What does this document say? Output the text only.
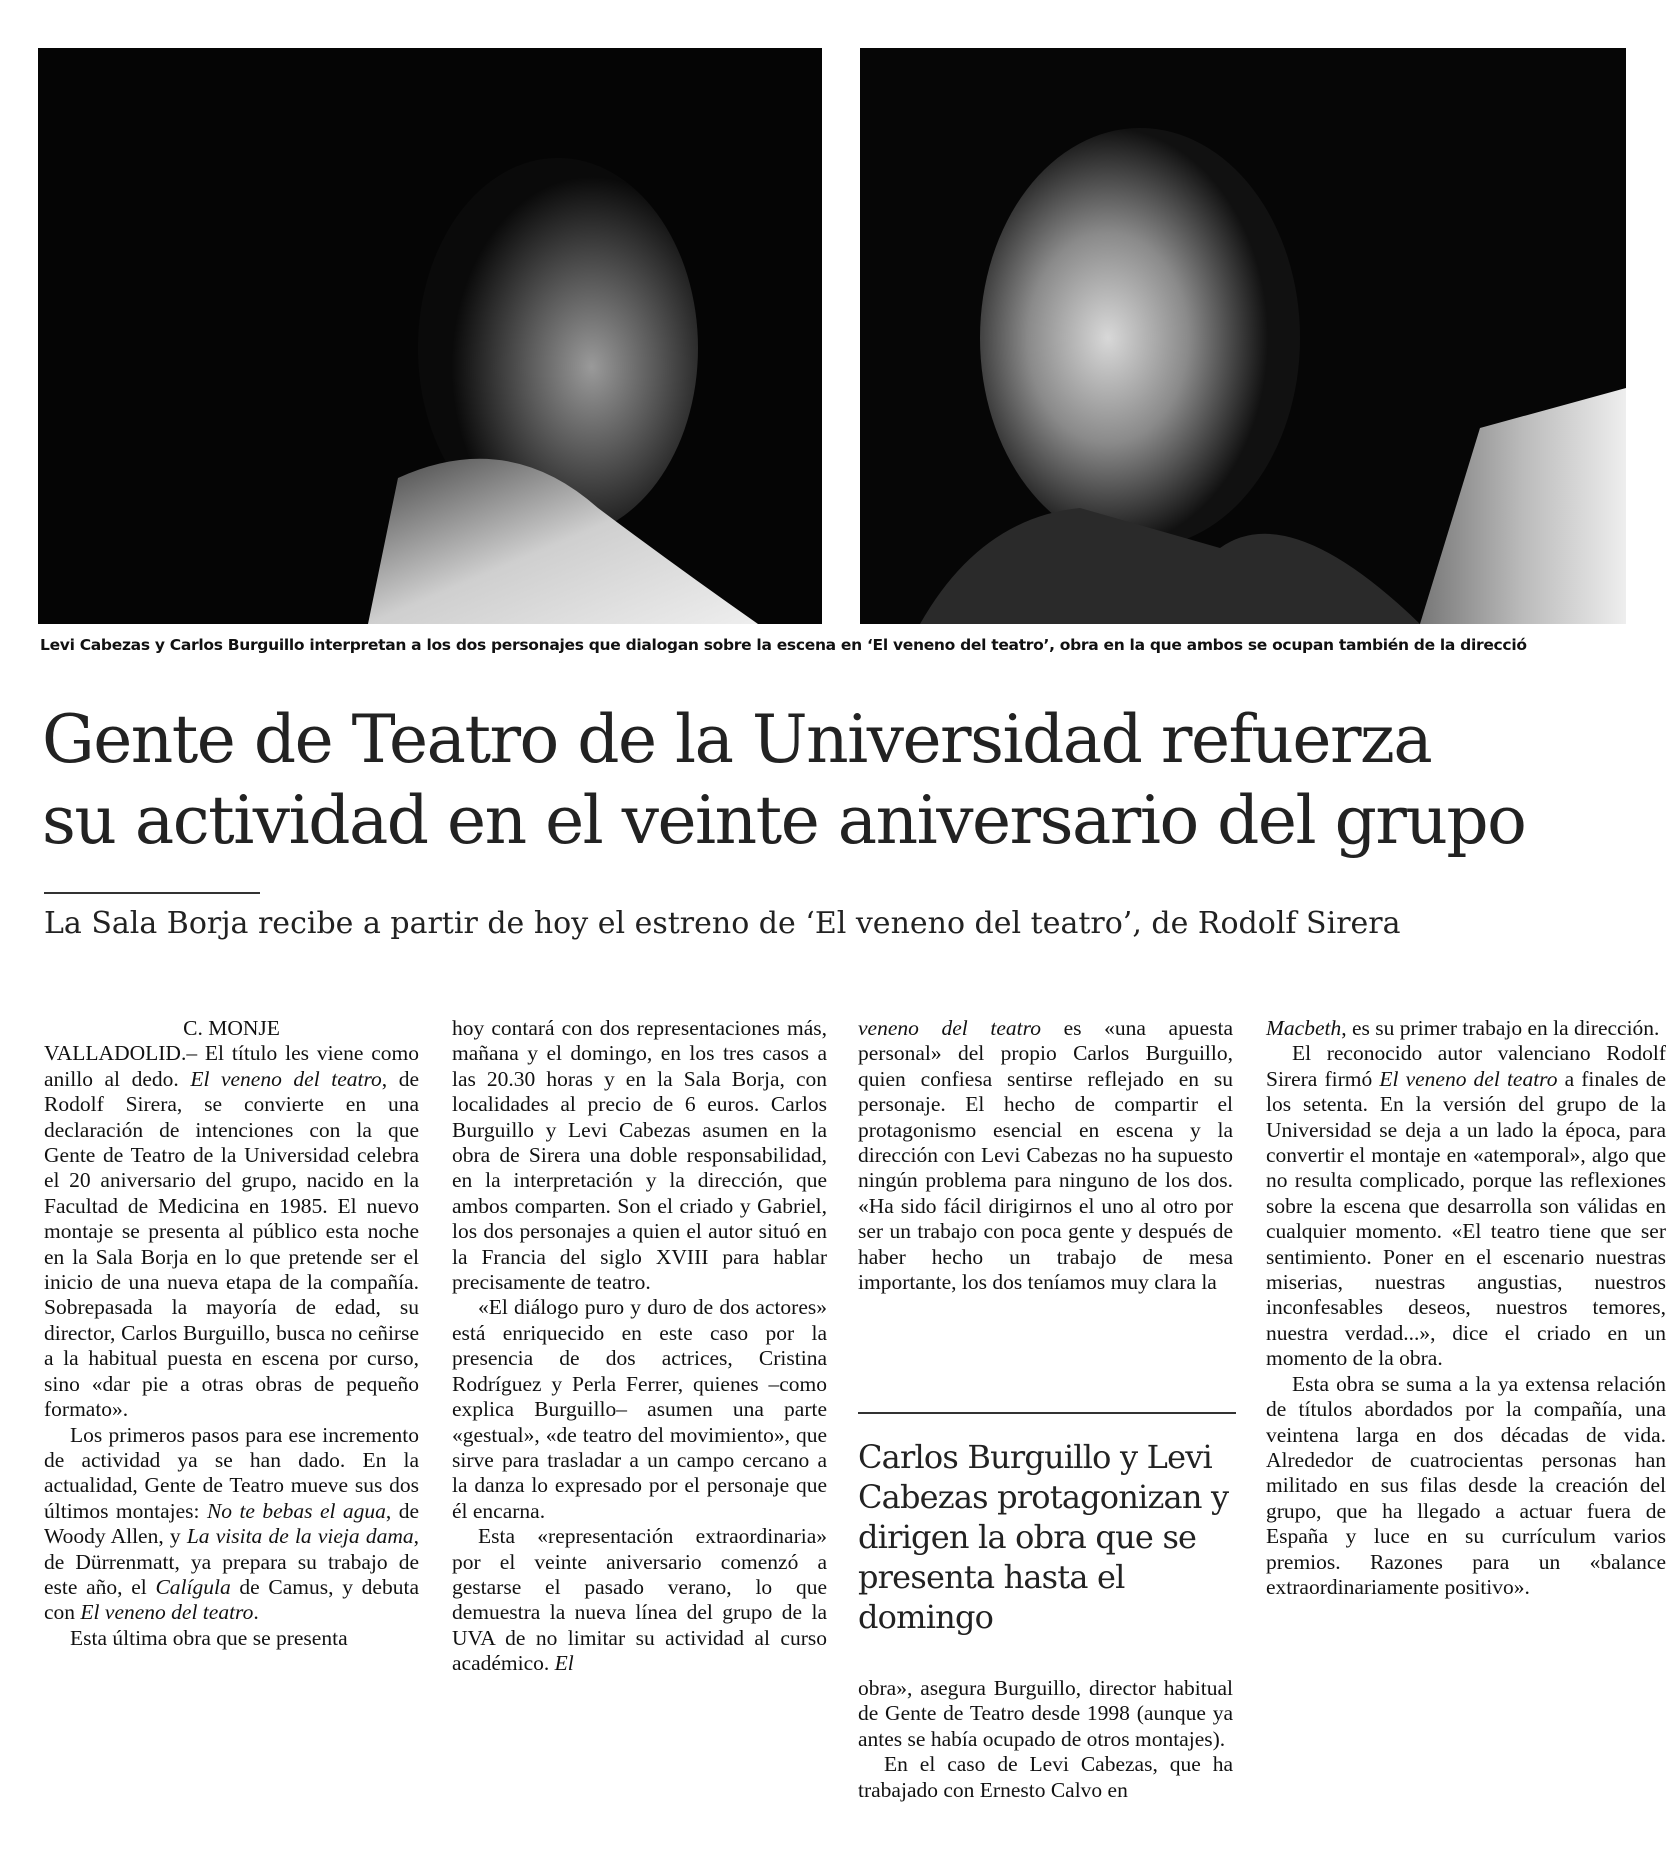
Levi Cabezas y Carlos Burguillo interpretan a los dos personajes que dialogan sobre la escena en ‘El veneno del teatro’, obra en la que ambos se ocupan también de la direcció
Gente de Teatro de la Universidad refuerza
su actividad en el veinte aniversario del grupo
La Sala Borja recibe a partir de hoy el estreno de ‘El veneno del teatro’, de Rodolf Sirera

C. MONJE

VALLADOLID.– El título les viene como anillo al dedo. El veneno del teatro, de Rodolf Sirera, se convierte en una declaración de intenciones con la que Gente de Teatro de la Universidad celebra el 20 aniversario del grupo, nacido en la Facultad de Medicina en 1985. El nuevo montaje se presenta al público esta noche en la Sala Borja en lo que pretende ser el inicio de una nueva etapa de la compañía. Sobrepasada la mayoría de edad, su director, Carlos Burguillo, busca no ceñirse a la habitual puesta en escena por curso, sino «dar pie a otras obras de pequeño formato».

Los primeros pasos para ese incremento de actividad ya se han dado. En la actualidad, Gente de Teatro mueve sus dos últimos montajes: No te bebas el agua, de Woody Allen, y La visita de la vieja dama, de Dürrenmatt, ya prepara su trabajo de este año, el Calígula de Camus, y debuta con El veneno del teatro.

Esta última obra que se presenta

hoy contará con dos representaciones más, mañana y el domingo, en los tres casos a las 20.30 horas y en la Sala Borja, con localidades al precio de 6 euros. Carlos Burguillo y Levi Cabezas asumen en la obra de Sirera una doble responsabilidad, en la interpretación y la dirección, que ambos comparten. Son el criado y Gabriel, los dos personajes a quien el autor situó en la Francia del siglo XVIII para hablar precisamente de teatro.

«El diálogo puro y duro de dos actores» está enriquecido en este caso por la presencia de dos actrices, Cristina Rodríguez y Perla Ferrer, quienes –como explica Burguillo– asumen una parte «gestual», «de teatro del movimiento», que sirve para trasladar a un campo cercano a la danza lo expresado por el personaje que él encarna.

Esta «representación extraordinaria» por el veinte aniversario comenzó a gestarse el pasado verano, lo que demuestra la nueva línea del grupo de la UVA de no limitar su actividad al curso académico. El

veneno del teatro es «una apuesta personal» del propio Carlos Burguillo, quien confiesa sentirse reflejado en su personaje. El hecho de compartir el protagonismo esencial en escena y la dirección con Levi Cabezas no ha supuesto ningún problema para ninguno de los dos. «Ha sido fácil dirigirnos el uno al otro por ser un trabajo con poca gente y después de haber hecho un trabajo de mesa importante, los dos teníamos muy clara la

Carlos Burguillo y Levi Cabezas protagonizan y dirigen la obra que se presenta hasta el domingo

obra», asegura Burguillo, director habitual de Gente de Teatro desde 1998 (aunque ya antes se había ocupado de otros montajes).

En el caso de Levi Cabezas, que ha trabajado con Ernesto Calvo en

Macbeth, es su primer trabajo en la dirección.

El reconocido autor valenciano Rodolf Sirera firmó El veneno del teatro a finales de los setenta. En la versión del grupo de la Universidad se deja a un lado la época, para convertir el montaje en «atemporal», algo que no resulta complicado, porque las reflexiones sobre la escena que desarrolla son válidas en cualquier momento. «El teatro tiene que ser sentimiento. Poner en el escenario nuestras miserias, nuestras angustias, nuestros inconfesables deseos, nuestros temores, nuestra verdad...», dice el criado en un momento de la obra.

Esta obra se suma a la ya extensa relación de títulos abordados por la compañía, una veintena larga en dos décadas de vida. Alrededor de cuatrocientas personas han militado en sus filas desde la creación del grupo, que ha llegado a actuar fuera de España y luce en su currículum varios premios. Razones para un «balance extraordinariamente positivo».
